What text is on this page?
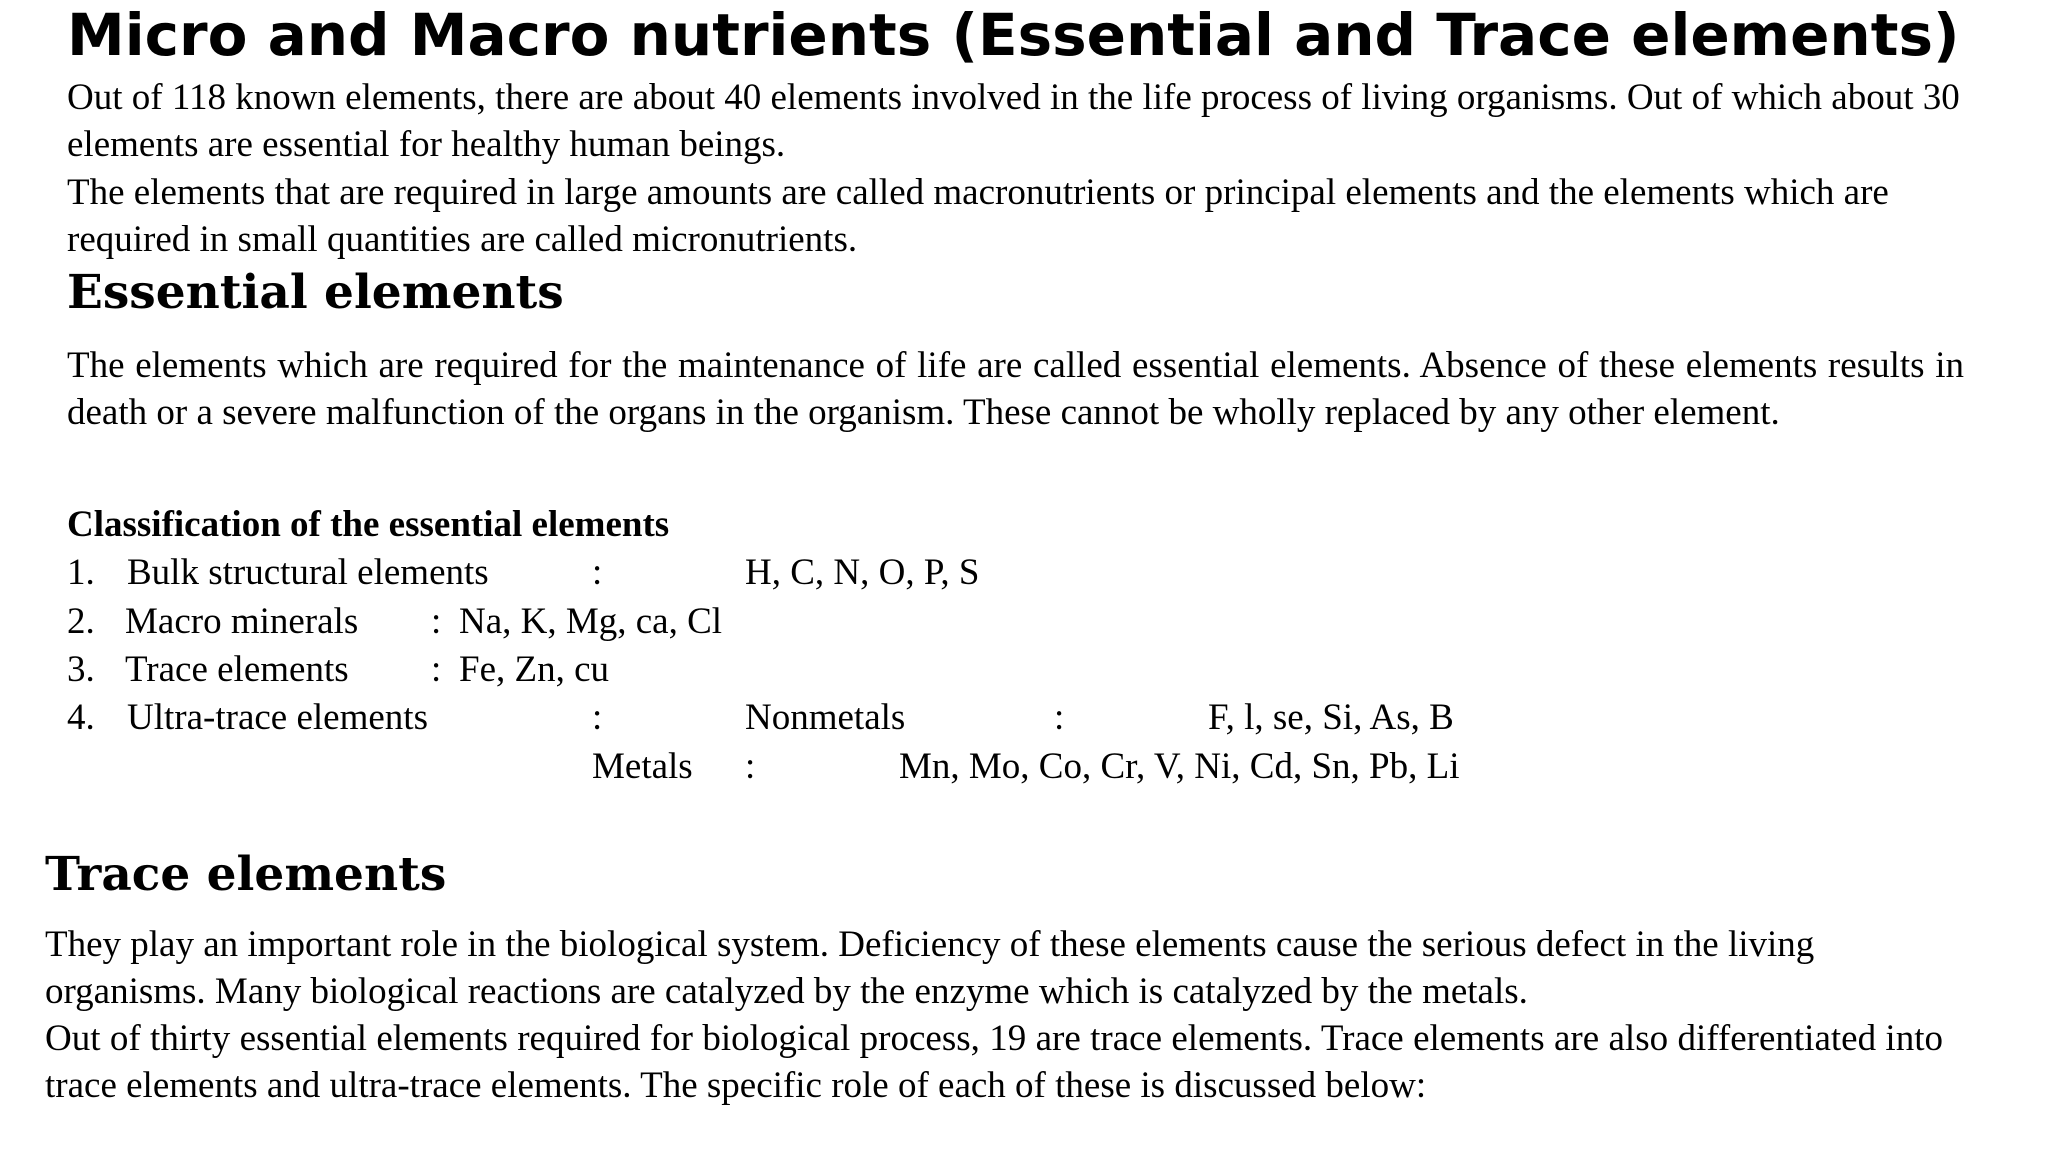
Micro and Macro nutrients (Essential and Trace elements)

Out of 118 known elements, there are about 40 elements involved in the life process of living organisms. Out of which about 30 elements are essential for healthy human beings.

The elements that are required in large amounts are called macronutrients or principal elements and the elements which are required in small quantities are called micronutrients.

Essential elements

The elements which are required for the maintenance of life are called essential elements. Absence of these elements results in death or a severe malfunction of the organs in the organism. These cannot be wholly replaced by any other element.

Classification of the essential elements
1. Bulk structural elements	:	H, C, N, O, P, S
2. Macro minerals : Na, K, Mg, ca, Cl
3. Trace elements : Fe, Zn, cu
4. Ultra-trace elements	:	Nonmetals	:	F, l, se, Si, As, B
Metals :	Mn, Mo, Co, Cr, V, Ni, Cd, Sn, Pb, Li
Trace elements

They play an important role in the biological system. Deficiency of these elements cause the serious defect in the living organisms. Many biological reactions are catalyzed by the enzyme which is catalyzed by the metals.

Out of thirty essential elements required for biological process, 19 are trace elements. Trace elements are also differentiated into trace elements and ultra-trace elements. The specific role of each of these is discussed below:
